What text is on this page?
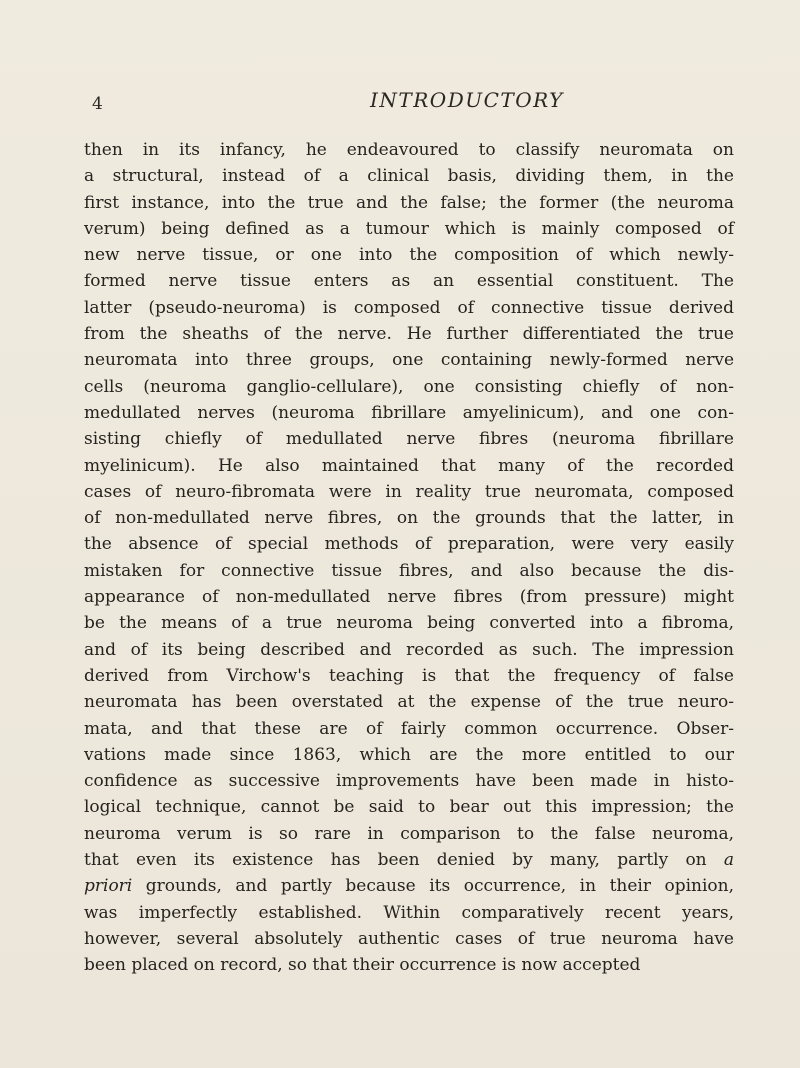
4	INTRODUCTORY
then in its infancy, he endeavoured to classify neuromata on
a structural, instead of a clinical basis, dividing them, in the
first instance, into the true and the false; the former (the neuroma
verum) being defined as a tumour which is mainly composed of
new nerve tissue, or one into the composition of which newly-
formed nerve tissue enters as an essential constituent. The
latter (pseudo-neuroma) is composed of connective tissue derived
from the sheaths of the nerve. He further differentiated the true
neuromata into three groups, one containing newly-formed nerve
cells (neuroma ganglio-cellulare), one consisting chiefly of non-
medullated nerves (neuroma fibrillare amyelinicum), and one con-
sisting chiefly of medullated nerve fibres (neuroma fibrillare
myelinicum). He also maintained that many of the recorded
cases of neuro-fibromata were in reality true neuromata, composed
of non-medullated nerve fibres, on the grounds that the latter, in
the absence of special methods of preparation, were very easily
mistaken for connective tissue fibres, and also because the dis-
appearance of non-medullated nerve fibres (from pressure) might
be the means of a true neuroma being converted into a fibroma,
and of its being described and recorded as such. The impression
derived from Virchow's teaching is that the frequency of false
neuromata has been overstated at the expense of the true neuro-
mata, and that these are of fairly common occurrence. Obser-
vations made since 1863, which are the more entitled to our
confidence as successive improvements have been made in histo-
logical technique, cannot be said to bear out this impression; the
neuroma verum is so rare in comparison to the false neuroma,
that even its existence has been denied by many, partly on a
priori grounds, and partly because its occurrence, in their opinion,
was imperfectly established. Within comparatively recent years,
however, several absolutely authentic cases of true neuroma have
been placed on record, so that their occurrence is now accepted
